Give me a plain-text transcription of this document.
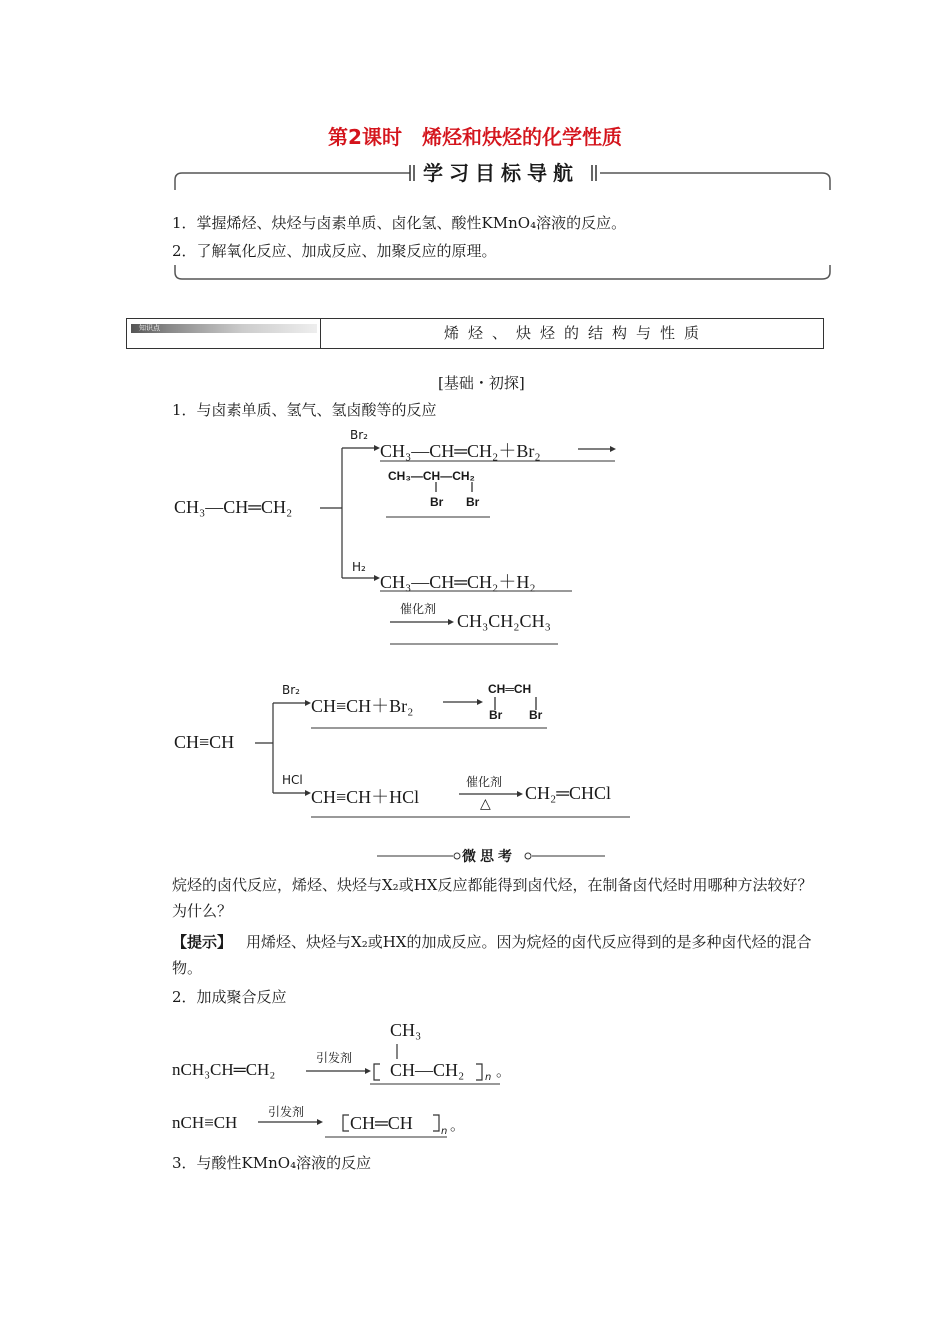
第2课时　烯烃和炔烃的化学性质
学习目标导航
1．掌握烯烃、炔烃与卤素单质、卤化氢、酸性KMnO₄溶液的反应。
2．了解氧化反应、加成反应、加聚反应的原理。
知识点	烯烃、炔烃的结构与性质
[基础・初探]
1．与卤素单质、氢气、氢卤酸等的反应
CH₃—CH═CH₂
Br₂
CH₃—CH═CH₂＋Br₂
CH₃—CH—CH₂
Br Br
H₂
CH₃—CH═CH₂＋H₂
催化剂
CH₃CH₂CH₃
CH≡CH
Br₂
CH≡CH＋Br₂
CH═CH
Br Br
HCl
CH≡CH＋HCl
催化剂
△
CH₂═CHCl
微思考
烷烃的卤代反应，烯烃、炔烃与X₂或HX反应都能得到卤代烃，在制备卤代烃时用哪种方法较好？为什么？
【提示】 用烯烃、炔烃与X₂或HX的加成反应。因为烷烃的卤代反应得到的是多种卤代烃的混合物。
2．加成聚合反应
nCH₃CH═CH₂
引发剂
CH₃
CH—CH₂ n 。
nCH≡CH
引发剂
CH═CH	n 。
3．与酸性KMnO₄溶液的反应
